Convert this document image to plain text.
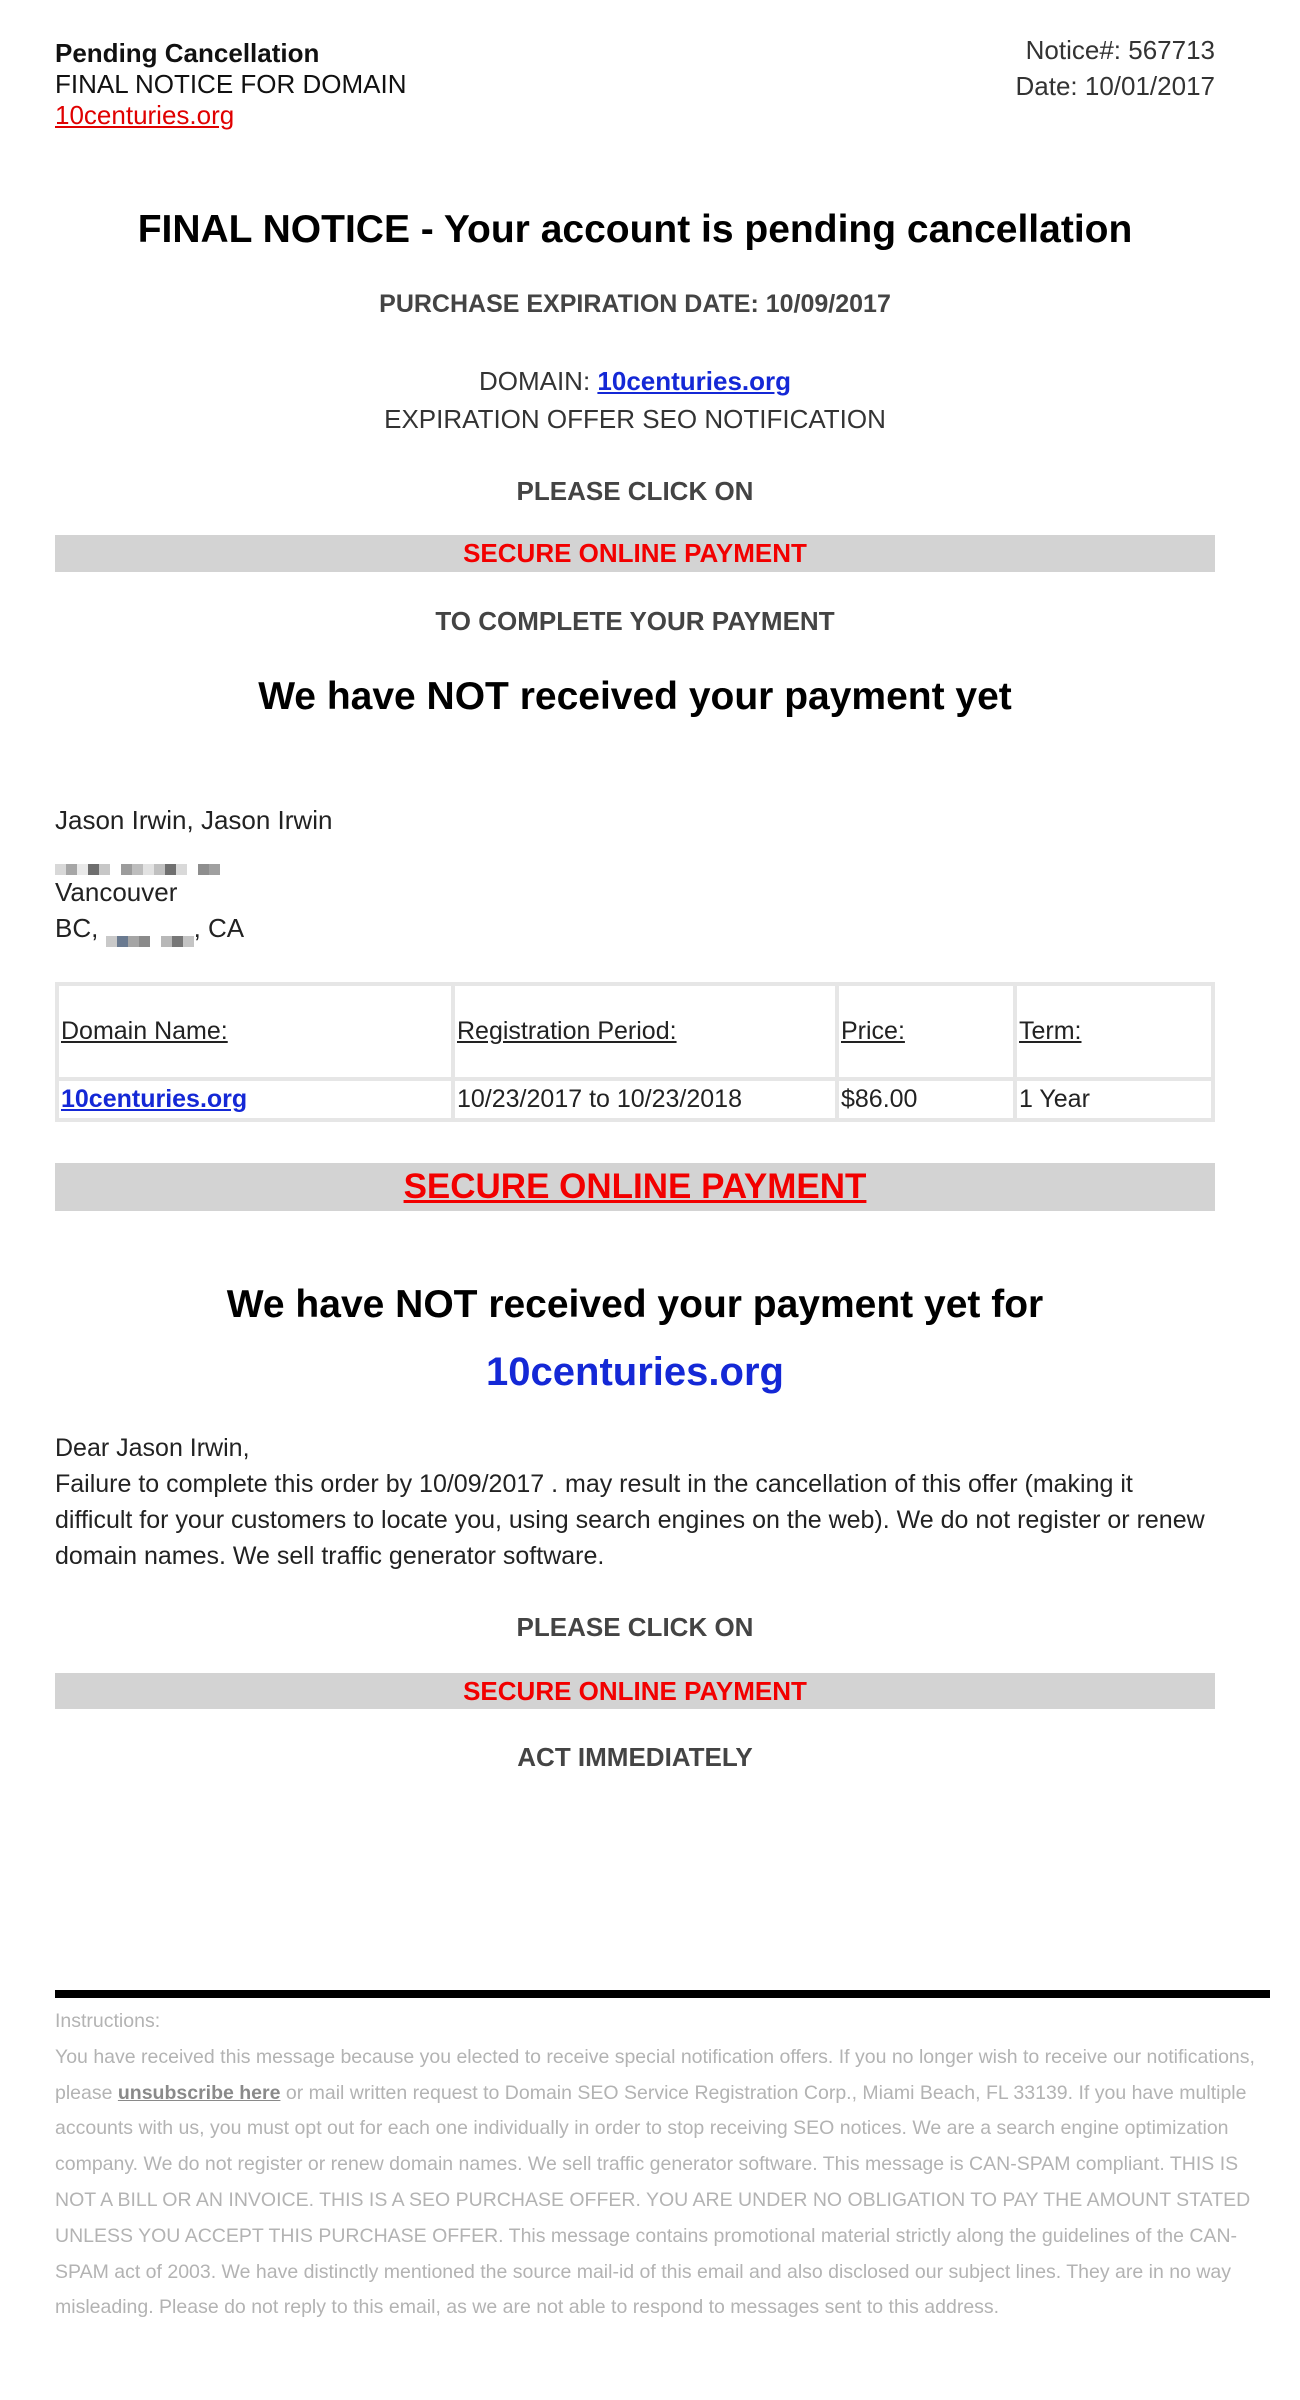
Pending Cancellation
FINAL NOTICE FOR DOMAIN
10centuries.org
Notice#: 567713
Date: 10/01/2017
FINAL NOTICE - Your account is pending cancellation
PURCHASE EXPIRATION DATE: 10/09/2017
DOMAIN: 10centuries.org
EXPIRATION OFFER SEO NOTIFICATION
PLEASE CLICK ON
SECURE ONLINE PAYMENT
TO COMPLETE YOUR PAYMENT
We have NOT received your payment yet
Jason Irwin, Jason Irwin
Vancouver
BC,	, CA
Domain Name:	Registration Period:	Price:	Term:
10centuries.org	10/23/2017 to 10/23/2018	$86.00	1 Year
SECURE ONLINE PAYMENT
We have NOT received your payment yet for
10centuries.org
Dear Jason Irwin,
Failure to complete this order by 10/09/2017 . may result in the cancellation of this offer (making it difficult for your customers to locate you, using search engines on the web). We do not register or renew domain names. We sell traffic generator software.
PLEASE CLICK ON
SECURE ONLINE PAYMENT
ACT IMMEDIATELY
Instructions:
You have received this message because you elected to receive special notification offers. If you no longer wish to receive our notifications, please unsubscribe here or mail written request to Domain SEO Service Registration Corp., Miami Beach, FL 33139. If you have multiple accounts with us, you must opt out for each one individually in order to stop receiving SEO notices. We are a search engine optimization company. We do not register or renew domain names. We sell traffic generator software. This message is CAN-SPAM compliant. THIS IS NOT A BILL OR AN INVOICE. THIS IS A SEO PURCHASE OFFER. YOU ARE UNDER NO OBLIGATION TO PAY THE AMOUNT STATED UNLESS YOU ACCEPT THIS PURCHASE OFFER. This message contains promotional material strictly along the guidelines of the CAN-SPAM act of 2003. We have distinctly mentioned the source mail-id of this email and also disclosed our subject lines. They are in no way misleading. Please do not reply to this email, as we are not able to respond to messages sent to this address.
